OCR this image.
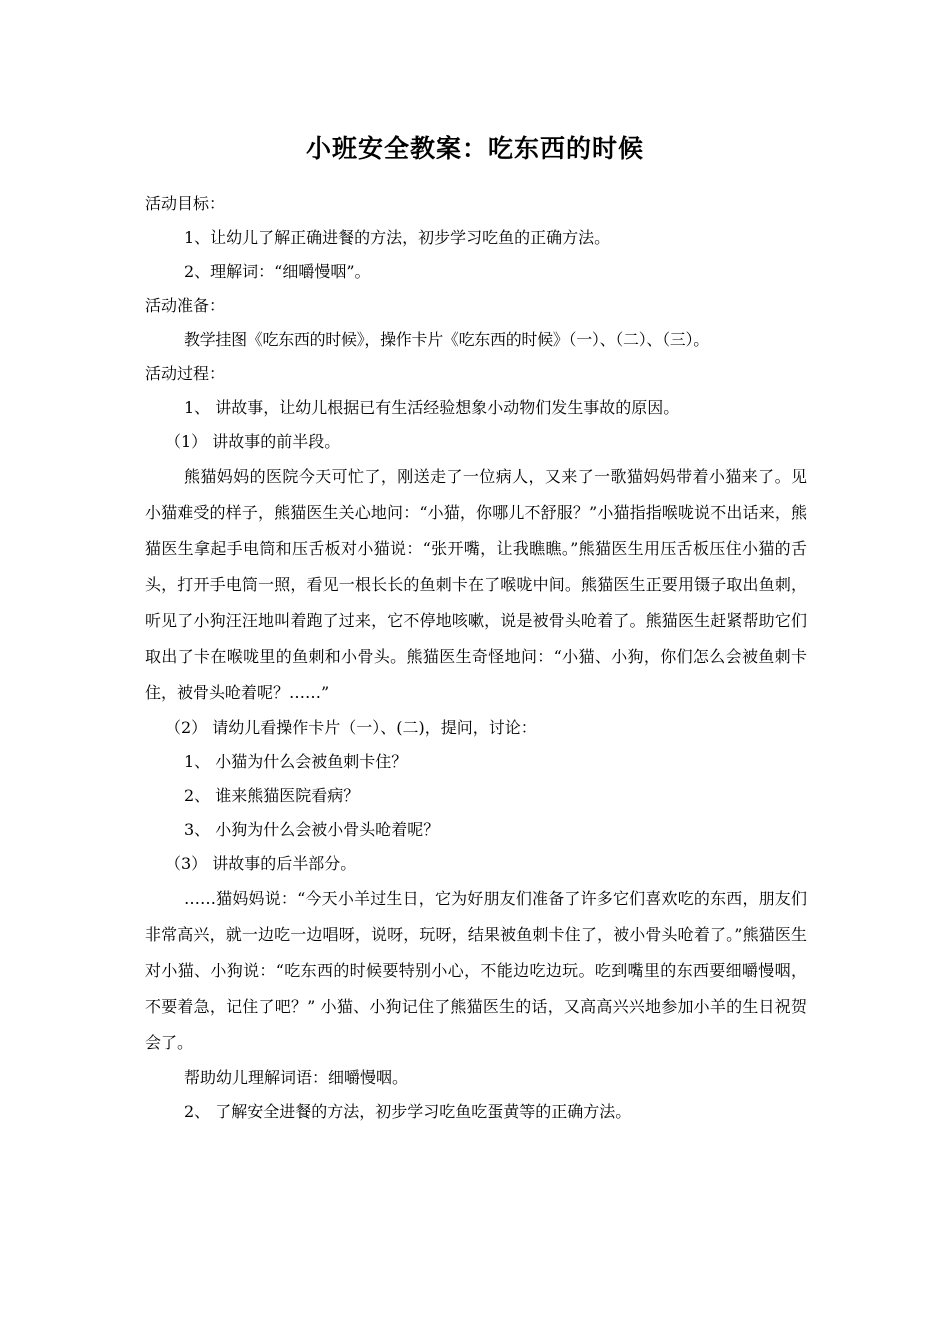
小班安全教案：吃东西的时候
活动目标：
1、让幼儿了解正确进餐的方法，初步学习吃鱼的正确方法。
2、理解词：“细嚼慢咽”。
活动准备：
教学挂图《吃东西的时候》，操作卡片《吃东西的时候》（一）、（二）、（三）。
活动过程：
1、 讲故事，让幼儿根据已有生活经验想象小动物们发生事故的原因。
（1） 讲故事的前半段。

熊猫妈妈的医院今天可忙了，刚送走了一位病人，又来了一歌猫妈妈带着小猫来了。见小猫难受的样子，熊猫医生关心地问：“小猫，你哪儿不舒服？”小猫指指喉咙说不出话来，熊猫医生拿起手电筒和压舌板对小猫说：“张开嘴，让我瞧瞧。”熊猫医生用压舌板压住小猫的舌头，打开手电筒一照，看见一根长长的鱼刺卡在了喉咙中间。熊猫医生正要用镊子取出鱼刺，听见了小狗汪汪地叫着跑了过来，它不停地咳嗽，说是被骨头呛着了。熊猫医生赶紧帮助它们取出了卡在喉咙里的鱼刺和小骨头。熊猫医生奇怪地问：“小猫、小狗，你们怎么会被鱼刺卡住，被骨头呛着呢？……”

（2） 请幼儿看操作卡片（一）、(二)，提问，讨论：
1、 小猫为什么会被鱼刺卡住？
2、 谁来熊猫医院看病？
3、 小狗为什么会被小骨头呛着呢？
（3） 讲故事的后半部分。

……猫妈妈说：“今天小羊过生日，它为好朋友们准备了许多它们喜欢吃的东西，朋友们非常高兴，就一边吃一边唱呀，说呀，玩呀，结果被鱼刺卡住了，被小骨头呛着了。”熊猫医生对小猫、小狗说：“吃东西的时候要特别小心，不能边吃边玩。吃到嘴里的东西要细嚼慢咽，不要着急，记住了吧？” 小猫、小狗记住了熊猫医生的话，又高高兴兴地参加小羊的生日祝贺会了。

帮助幼儿理解词语：细嚼慢咽。
2、 了解安全进餐的方法，初步学习吃鱼吃蛋黄等的正确方法。
